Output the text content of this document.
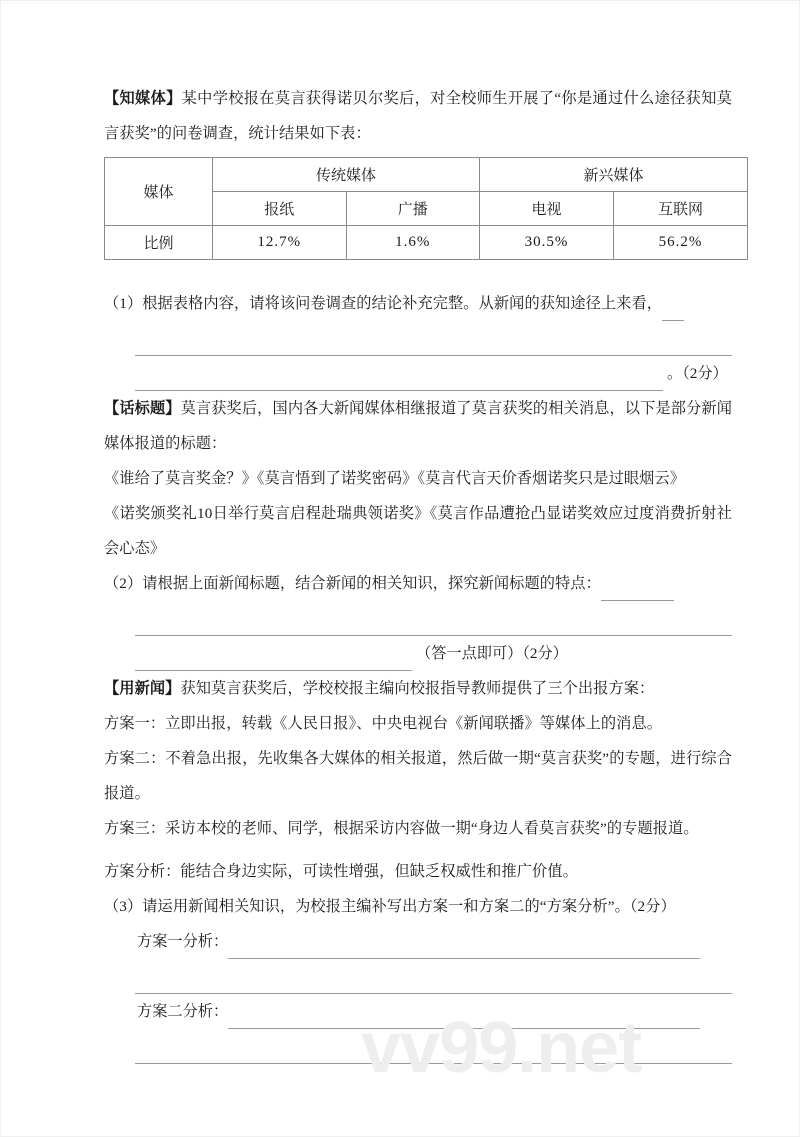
【知媒体】某中学校报在莫言获得诺贝尔奖后，对全校师生开展了“你是通过什么途径获知莫言获奖”的问卷调查，统计结果如下表：

媒体	传统媒体		新兴媒体	
	报纸	广播	电视	互联网
比例	12.7%	1.6%	30.5%	56.2%

（1）根据表格内容，请将该问卷调查的结论补充完整。从新闻的获知途径上来看，

。（2分）

【话标题】莫言获奖后，国内各大新闻媒体相继报道了莫言获奖的相关消息，以下是部分新闻媒体报道的标题：

《谁给了莫言奖金？》《莫言悟到了诺奖密码》《莫言代言天价香烟诺奖只是过眼烟云》

《诺奖颁奖礼10日举行莫言启程赴瑞典领诺奖》《莫言作品遭抢凸显诺奖效应过度消费折射社会心态》

（2）请根据上面新闻标题，结合新闻的相关知识，探究新闻标题的特点：

（答一点即可）（2分）

【用新闻】获知莫言获奖后，学校校报主编向校报指导教师提供了三个出报方案：

方案一：立即出报，转载《人民日报》、中央电视台《新闻联播》等媒体上的消息。

方案二：不着急出报，先收集各大媒体的相关报道，然后做一期“莫言获奖”的专题，进行综合报道。

方案三：采访本校的老师、同学，根据采访内容做一期“身边人看莫言获奖”的专题报道。

方案分析：能结合身边实际，可读性增强，但缺乏权威性和推广价值。

（3）请运用新闻相关知识，为校报主编补写出方案一和方案二的“方案分析”。（2分）

方案一分析：
方案二分析：	vv99.net
